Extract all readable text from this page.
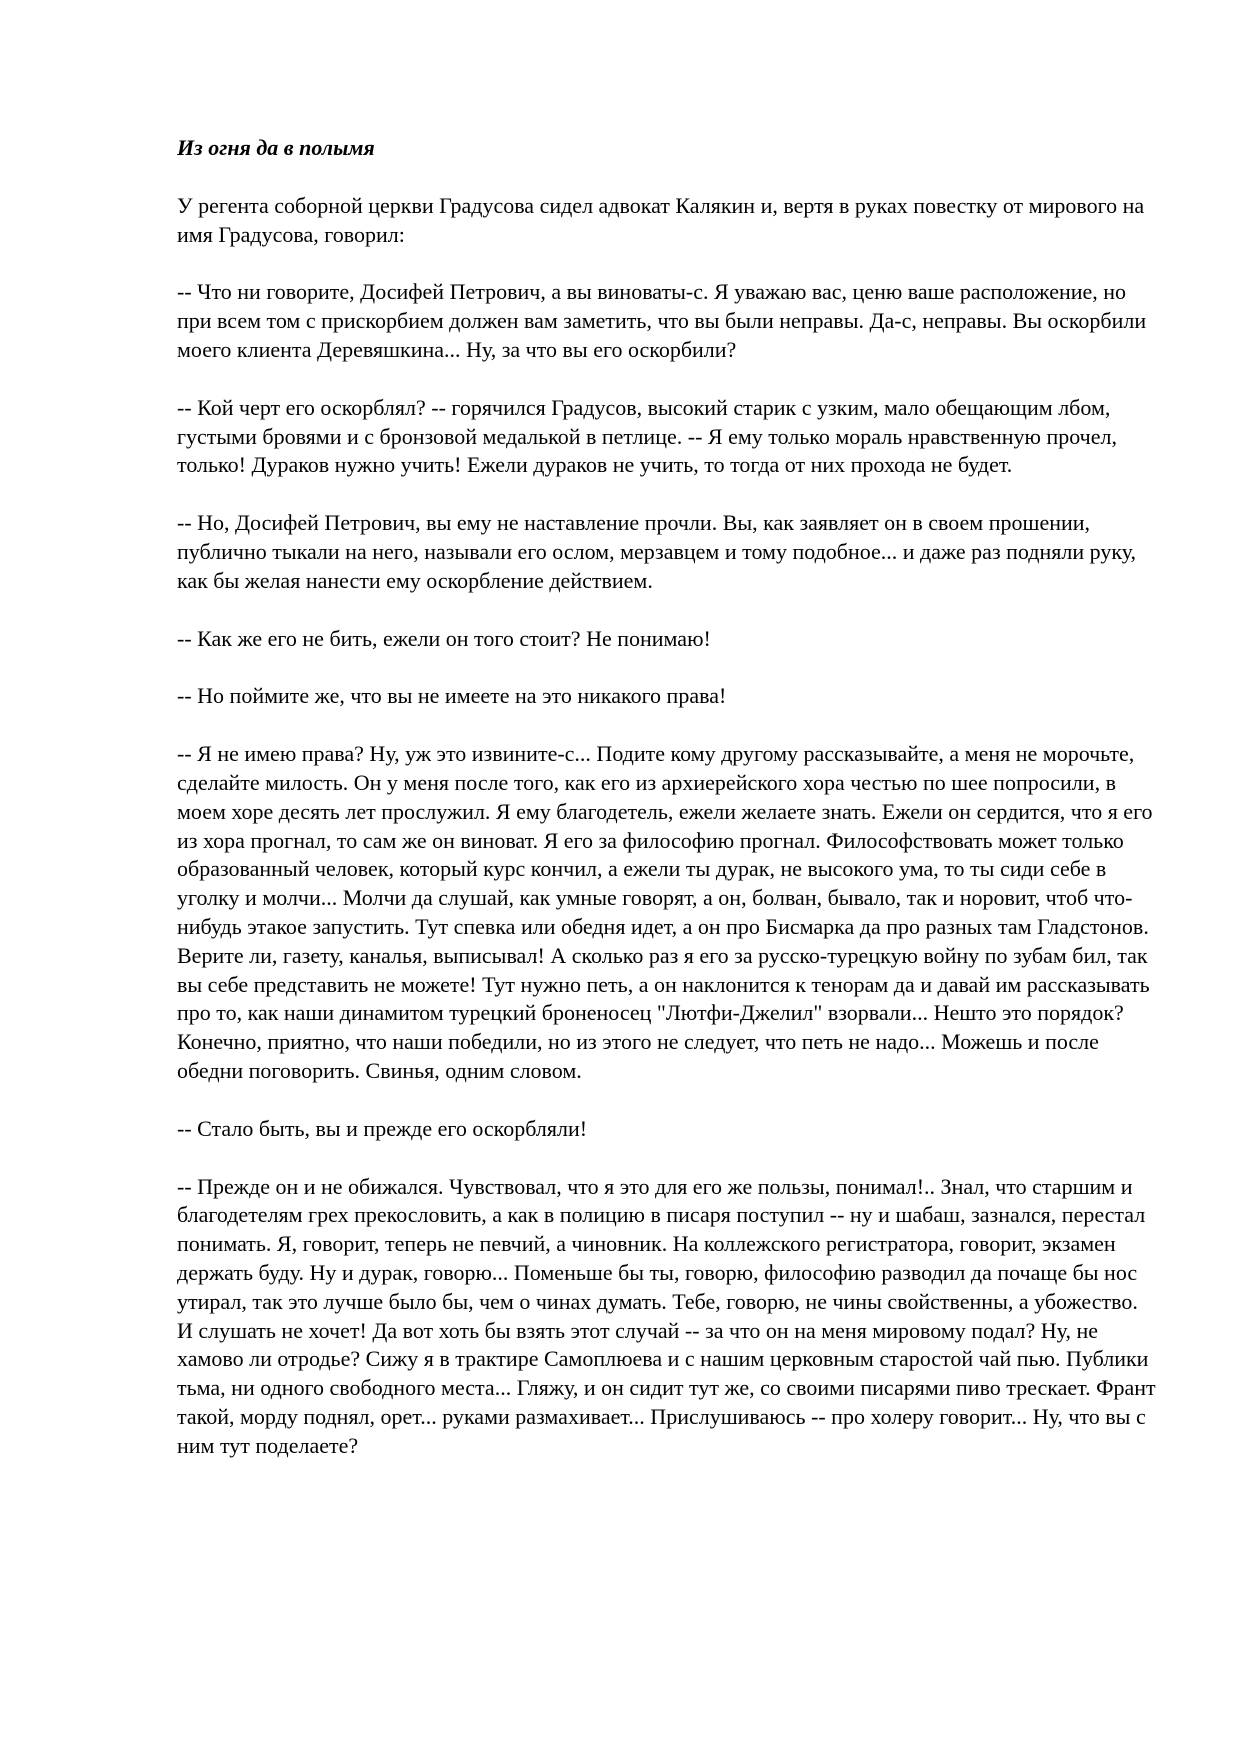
Из огня да в полымя

У регента соборной церкви Градусова сидел адвокат Калякин и, вертя в руках повестку от мирового на имя Градусова, говорил:

-- Что ни говорите, Досифей Петрович, а вы виноваты-с. Я уважаю вас, ценю ваше расположение, но при всем том с прискорбием должен вам заметить, что вы были неправы. Да-с, неправы. Вы оскорбили моего клиента Деревяшкина... Ну, за что вы его оскорбили?

-- Кой черт его оскорблял? -- горячился Градусов, высокий старик с узким, мало обещающим лбом, густыми бровями и с бронзовой медалькой в петлице. -- Я ему только мораль нравственную прочел, только! Дураков нужно учить! Ежели дураков не учить, то тогда от них прохода не будет.

-- Но, Досифей Петрович, вы ему не наставление прочли. Вы, как заявляет он в своем прошении, публично тыкали на него, называли его ослом, мерзавцем и тому подобное... и даже раз подняли руку, как бы желая нанести ему оскорбление действием.

-- Как же его не бить, ежели он того стоит? Не понимаю!

-- Но поймите же, что вы не имеете на это никакого права!

-- Я не имею права? Ну, уж это извините-с... Подите кому другому рассказывайте, а меня не морочьте, сделайте милость. Он у меня после того, как его из архиерейского хора честью по шее попросили, в моем хоре десять лет прослужил. Я ему благодетель, ежели желаете знать. Ежели он сердится, что я его из хора прогнал, то сам же он виноват. Я его за философию прогнал. Философствовать может только образованный человек, который курс кончил, а ежели ты дурак, не высокого ума, то ты сиди себе в уголку и молчи... Молчи да слушай, как умные говорят, а он, болван, бывало, так и норовит, чтоб что-нибудь этакое запустить. Тут спевка или обедня идет, а он про Бисмарка да про разных там Гладстонов. Верите ли, газету, каналья, выписывал! А сколько раз я его за русско-турецкую войну по зубам бил, так вы себе представить не можете! Тут нужно петь, а он наклонится к тенорам да и давай им рассказывать про то, как наши динамитом турецкий броненосец "Лютфи-Джелил" взорвали... Нешто это порядок? Конечно, приятно, что наши победили, но из этого не следует, что петь не надо... Можешь и после обедни поговорить. Свинья, одним словом.

-- Стало быть, вы и прежде его оскорбляли!

-- Прежде он и не обижался. Чувствовал, что я это для его же пользы, понимал!.. Знал, что старшим и благодетелям грех прекословить, а как в полицию в писаря поступил -- ну и шабаш, зазнался, перестал понимать. Я, говорит, теперь не певчий, а чиновник. На коллежского регистратора, говорит, экзамен держать буду. Ну и дурак, говорю... Поменьше бы ты, говорю, философию разводил да почаще бы нос утирал, так это лучше было бы, чем о чинах думать. Тебе, говорю, не чины свойственны, а убожество. И слушать не хочет! Да вот хоть бы взять этот случай -- за что он на меня мировому подал? Ну, не хамово ли отродье? Сижу я в трактире Самоплюева и с нашим церковным старостой чай пью. Публики тьма, ни одного свободного места... Гляжу, и он сидит тут же, со своими писарями пиво трескает. Франт такой, морду поднял, орет... руками размахивает... Прислушиваюсь -- про холеру говорит... Ну, что вы с ним тут поделаете?
